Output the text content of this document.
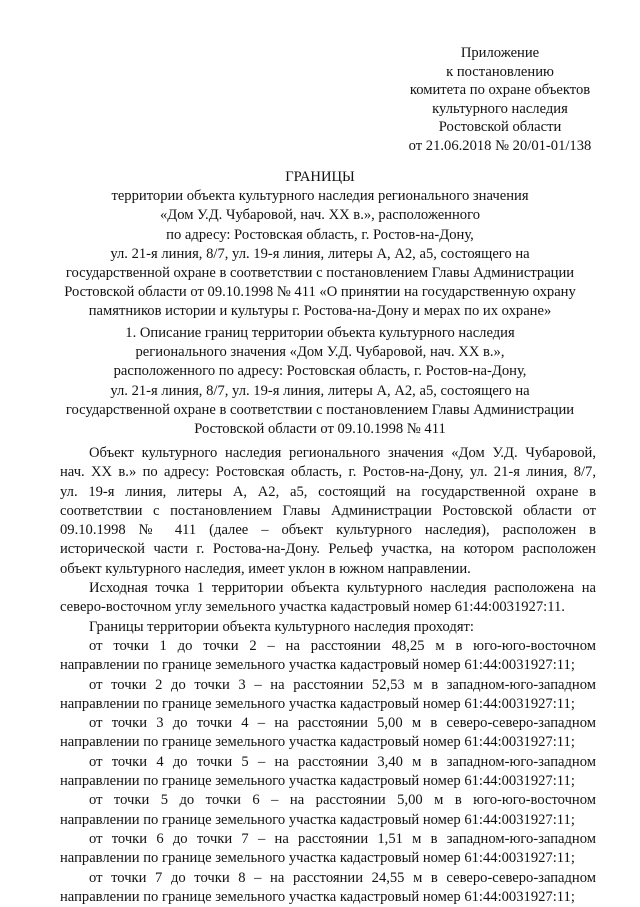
Приложение
к постановлению
комитета по охране объектов
культурного наследия
Ростовской области
от 21.06.2018 № 20/01-01/138
ГРАНИЦЫ
территории объекта культурного наследия регионального значения
«Дом У.Д. Чубаровой, нач. XX в.», расположенного
по адресу: Ростовская область, г. Ростов-на-Дону,
ул. 21-я линия, 8/7, ул. 19-я линия, литеры А, А2, а5, состоящего на
государственной охране в соответствии с постановлением Главы Администрации
Ростовской области от 09.10.1998 № 411 «О принятии на государственную охрану
памятников истории и культуры г. Ростова-на-Дону и мерах по их охране»
1. Описание границ территории объекта культурного наследия
регионального значения «Дом У.Д. Чубаровой, нач. XX в.»,
расположенного по адресу: Ростовская область, г. Ростов-на-Дону,
ул. 21-я линия, 8/7, ул. 19-я линия, литеры А, А2, а5, состоящего на
государственной охране в соответствии с постановлением Главы Администрации
Ростовской области от 09.10.1998 № 411
Объект культурного наследия регионального значения «Дом У.Д. Чубаровой,
нач. XX в.» по адресу: Ростовская область, г. Ростов-на-Дону, ул. 21-я линия, 8/7,
ул. 19-я линия, литеры А, А2, а5, состоящий на государственной охране в
соответствии с постановлением Главы Администрации Ростовской области от
09.10.1998 № 411 (далее – объект культурного наследия), расположен в
исторической части г. Ростова-на-Дону. Рельеф участка, на котором расположен
объект культурного наследия, имеет уклон в южном направлении.
Исходная точка 1 территории объекта культурного наследия расположена на
северо-восточном углу земельного участка кадастровый номер 61:44:0031927:11.
Границы территории объекта культурного наследия проходят:
от точки 1 до точки 2 – на расстоянии 48,25 м в юго-юго-восточном
направлении по границе земельного участка кадастровый номер 61:44:0031927:11;
от точки 2 до точки 3 – на расстоянии 52,53 м в западном-юго-западном
направлении по границе земельного участка кадастровый номер 61:44:0031927:11;
от точки 3 до точки 4 – на расстоянии 5,00 м в северо-северо-западном
направлении по границе земельного участка кадастровый номер 61:44:0031927:11;
от точки 4 до точки 5 – на расстоянии 3,40 м в западном-юго-западном
направлении по границе земельного участка кадастровый номер 61:44:0031927:11;
от точки 5 до точки 6 – на расстоянии 5,00 м в юго-юго-восточном
направлении по границе земельного участка кадастровый номер 61:44:0031927:11;
от точки 6 до точки 7 – на расстоянии 1,51 м в западном-юго-западном
направлении по границе земельного участка кадастровый номер 61:44:0031927:11;
от точки 7 до точки 8 – на расстоянии 24,55 м в северо-северо-западном
направлении по границе земельного участка кадастровый номер 61:44:0031927:11;
